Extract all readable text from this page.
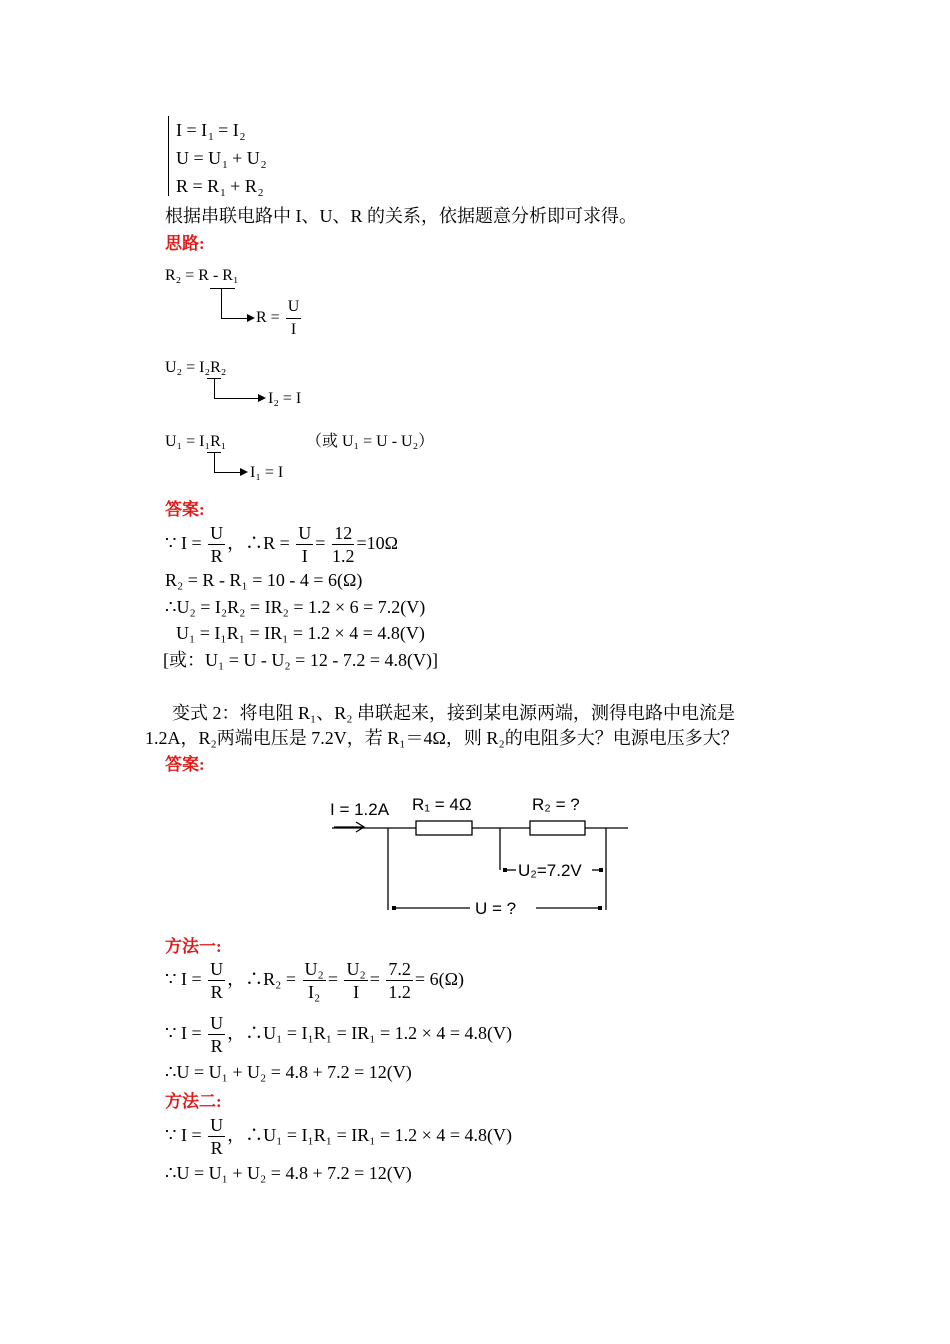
$I = I_1 = I_2$
$U = U_1 + U_2$
$R = R_1 + R_2$
根据串联电路中 I、U、R 的关系，依据题意分析即可求得。
思路:
R₂ = R - R₁
$R = \frac{U}{I}$
U₂ = I₂R₂
I₂ = I
U₁ = I₁R₁	（或 U₁ = U - U₂）
I₁ = I
答案:
∵ $I = \frac{U}{R}$ ，∴R = $\frac{U}{I} = \frac{12}{1.2} =10\Omega$
R₂ = R - R₁ = 10 - 4 = 6(Ω)
∴U₂ = I₂R₂ = IR₂ = 1.2 × 6 = 7.2(V)
U₁ = I₁R₁ = IR₁ = 1.2 × 4 = 4.8(V)
[或：U₁ = U - U₂ = 12 - 7.2 = 4.8(V)]
变式 2：将电阻 R₁、R₂ 串联起来，接到某电源两端，测得电路中电流是
1.2A，R₂两端电压是 7.2V，若 R₁＝4Ω，则 R₂的电阻多大？电源电压多大？
答案:
I = 1.2A R₁ = 4Ω	R₂ = ?
U₂=7.2V
U = ?
方法一:
∵ $I = \frac{U}{R}$ ，∴R₂ = $\frac{\text{U₂}}{\text{I₂}} = \frac{\text{U₂}}{I} = \frac{7.2}{1.2} = 6(\Omega)$
∵ $I = \frac{U}{R}$ ，∴U₁ = I₁R₁ = IR₁ = 1.2 × 4 = 4.8(V)
∴U = U₁ + U₂ = 4.8 + 7.2 = 12(V)
方法二:
∵ $I = \frac{U}{R}$ ，∴U₁ = I₁R₁ = IR₁ = 1.2 × 4 = 4.8(V)
∴U = U₁ + U₂ = 4.8 + 7.2 = 12(V)
